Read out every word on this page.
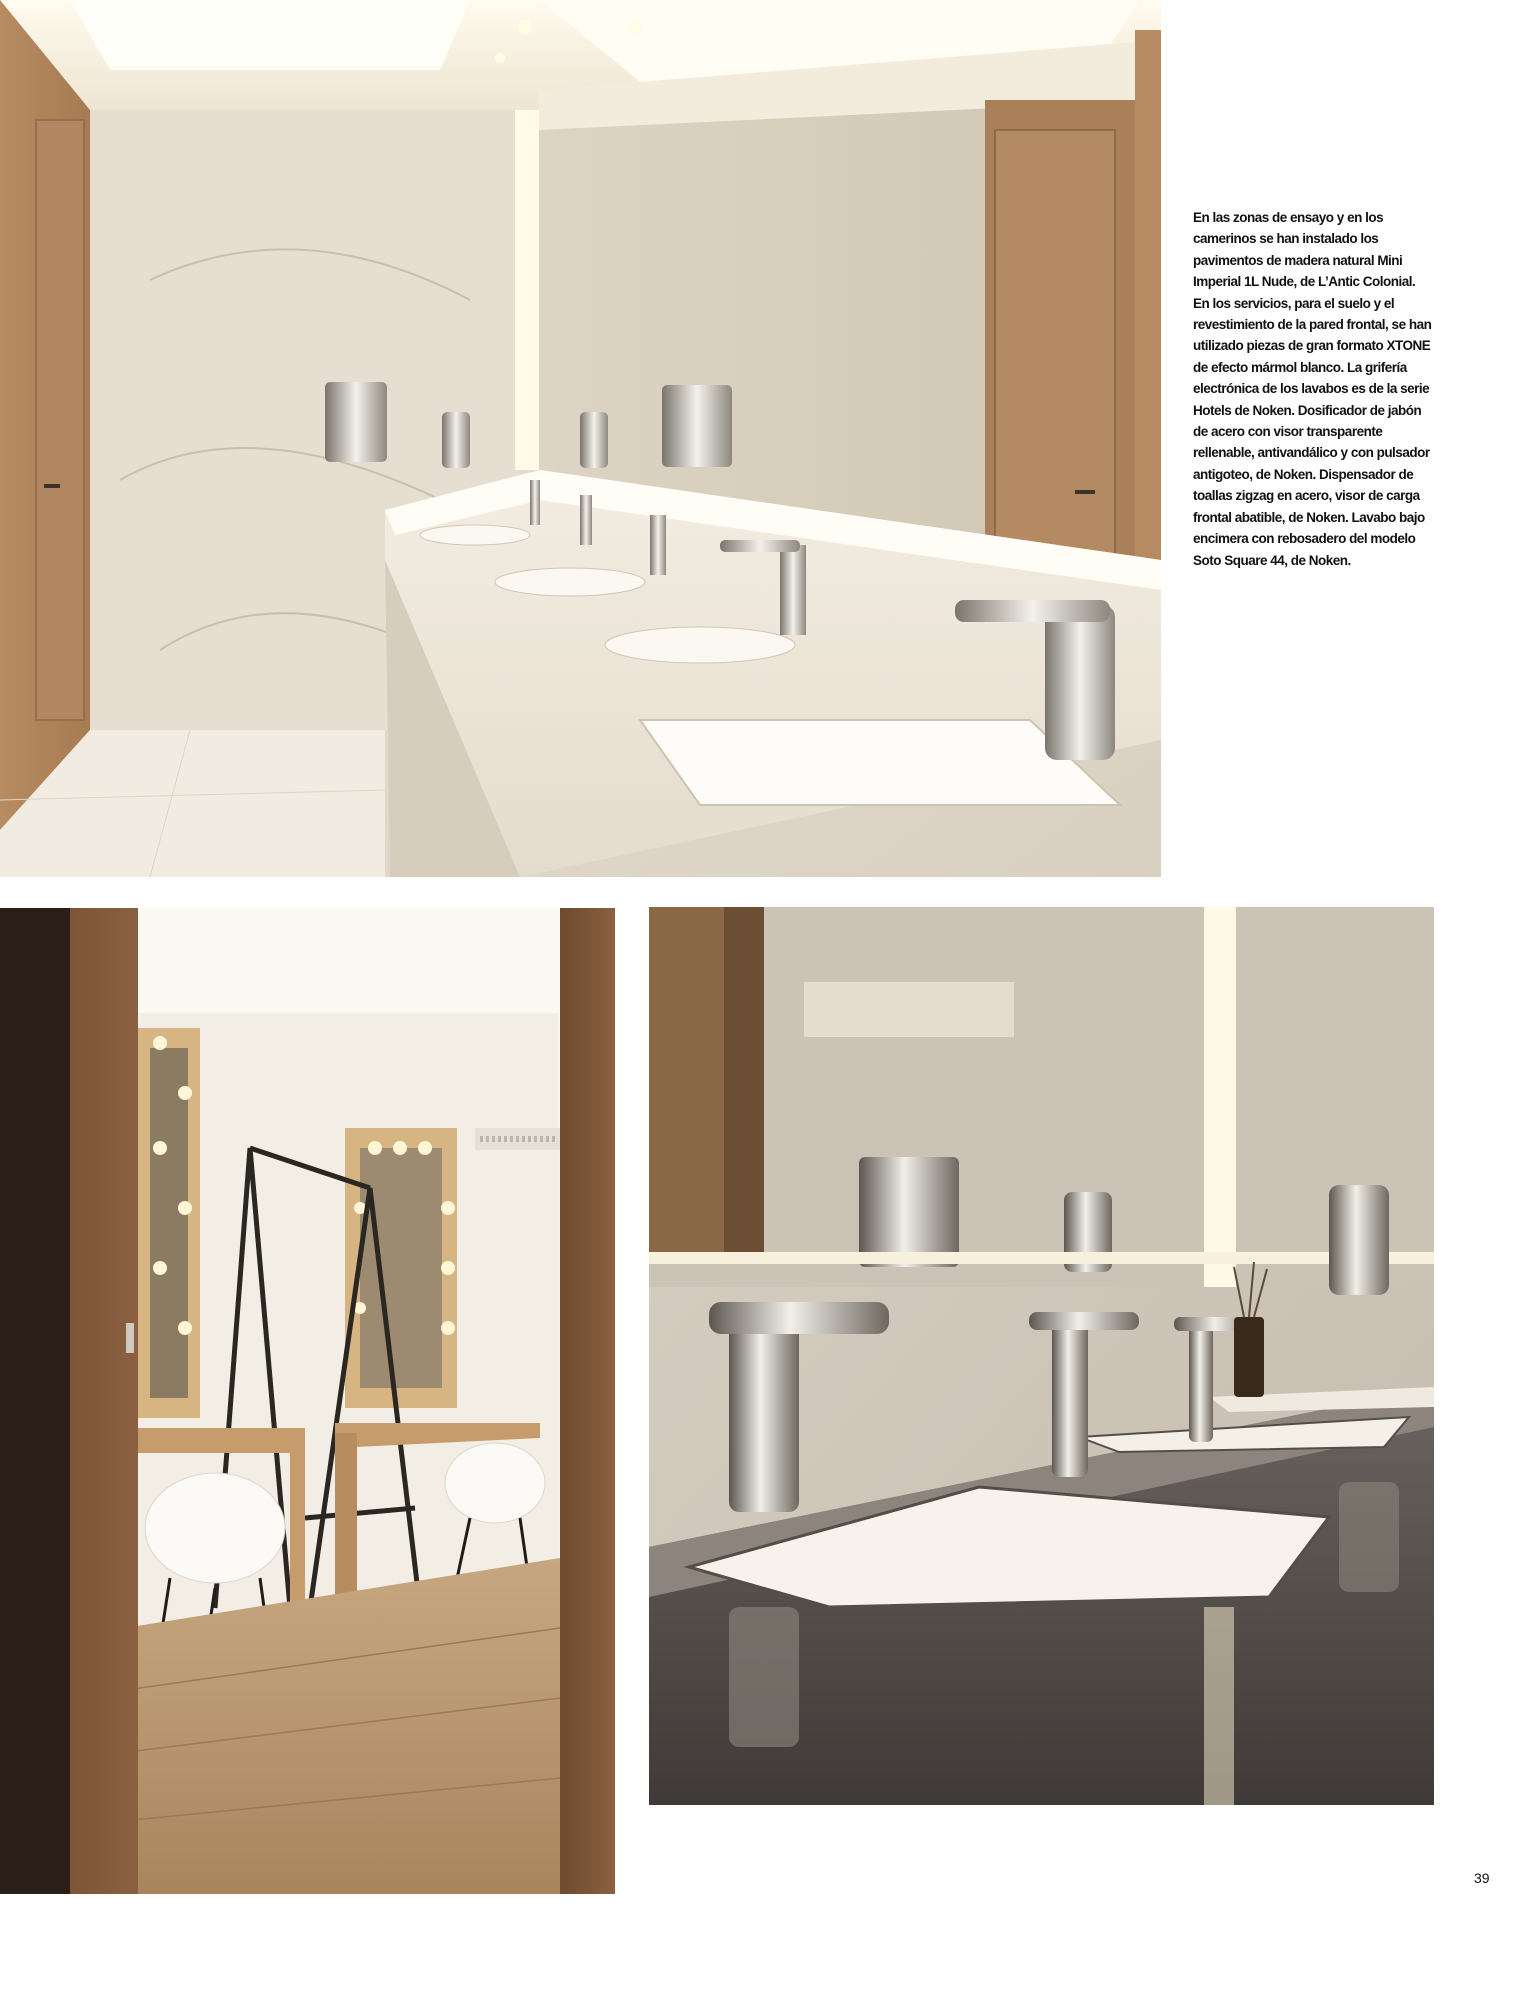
En las zonas de ensayo y en los camerinos se han instalado los pavimentos de madera natural Mini Imperial 1L Nude, de L’Antic Colonial.

En los servicios, para el suelo y el revestimiento de la pared frontal, se han utilizado piezas de gran formato XTONE de efecto mármol blanco. La grifería electrónica de los lavabos es de la serie Hotels de Noken. Dosificador de jabón de acero con visor transparente rellenable, antivandálico y con pulsador antigoteo, de Noken. Dispensador de toallas zigzag en acero, visor de carga frontal abatible, de Noken. Lavabo bajo encimera con rebosadero del modelo Soto Square 44, de Noken.

39
